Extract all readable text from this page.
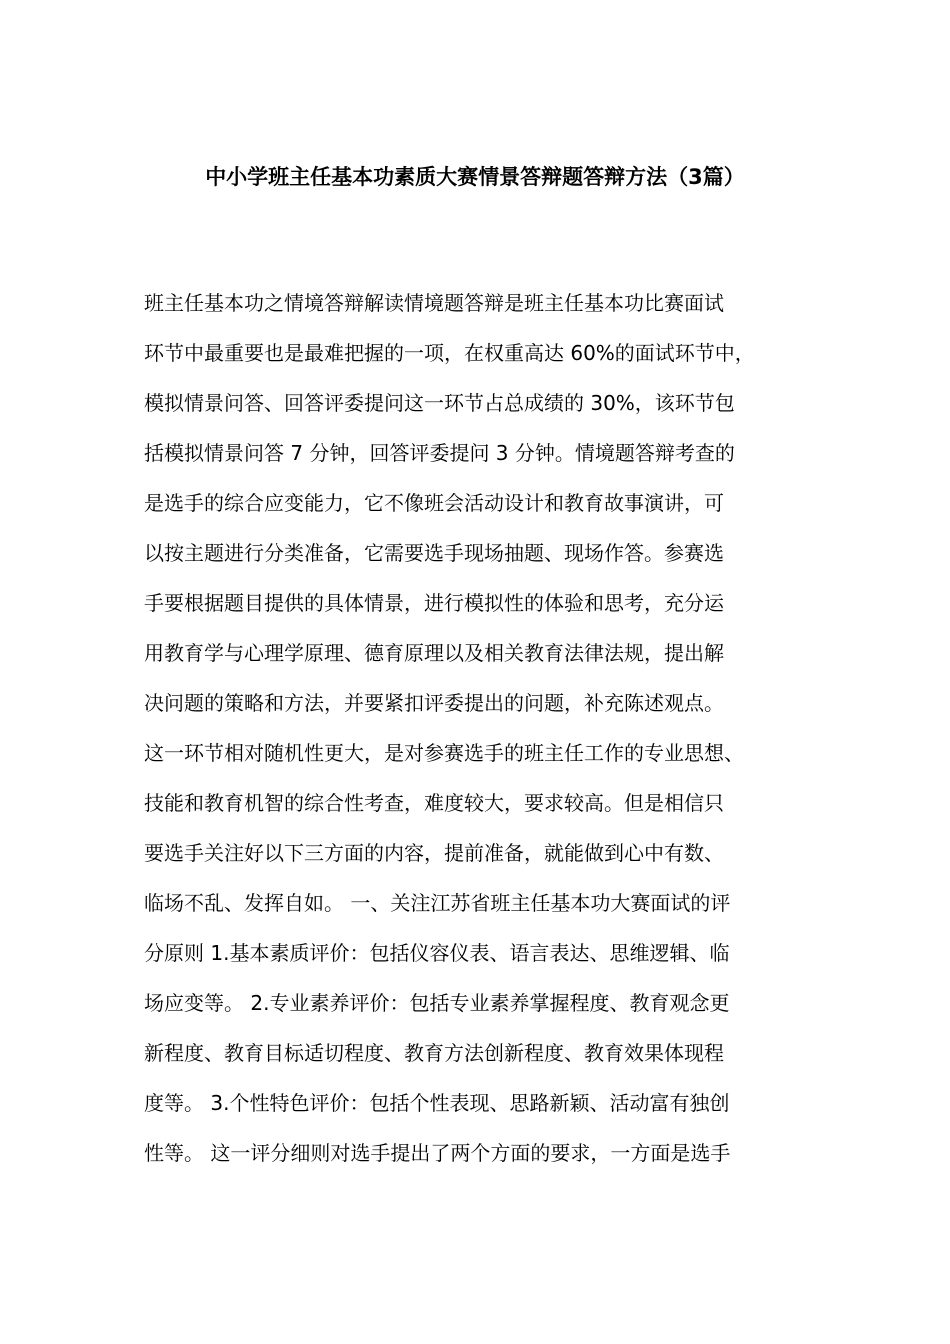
中小学班主任基本功素质大赛情景答辩题答辩方法（3篇）
班主任基本功之情境答辩解读情境题答辩是班主任基本功比赛面试
环节中最重要也是最难把握的一项，在权重高达 60%的面试环节中，
模拟情景问答、回答评委提问这一环节占总成绩的 30%，该环节包
括模拟情景问答 7 分钟，回答评委提问 3 分钟。情境题答辩考查的
是选手的综合应变能力，它不像班会活动设计和教育故事演讲，可
以按主题进行分类准备，它需要选手现场抽题、现场作答。参赛选
手要根据题目提供的具体情景，进行模拟性的体验和思考，充分运
用教育学与心理学原理、德育原理以及相关教育法律法规，提出解
决问题的策略和方法，并要紧扣评委提出的问题，补充陈述观点。
这一环节相对随机性更大，是对参赛选手的班主任工作的专业思想、
技能和教育机智的综合性考查，难度较大，要求较高。但是相信只
要选手关注好以下三方面的内容，提前准备，就能做到心中有数、
临场不乱、发挥自如。 一、关注江苏省班主任基本功大赛面试的评
分原则 1.基本素质评价：包括仪容仪表、语言表达、思维逻辑、临
场应变等。 2.专业素养评价：包括专业素养掌握程度、教育观念更
新程度、教育目标适切程度、教育方法创新程度、教育效果体现程
度等。 3.个性特色评价：包括个性表现、思路新颖、活动富有独创
性等。 这一评分细则对选手提出了两个方面的要求，一方面是选手
